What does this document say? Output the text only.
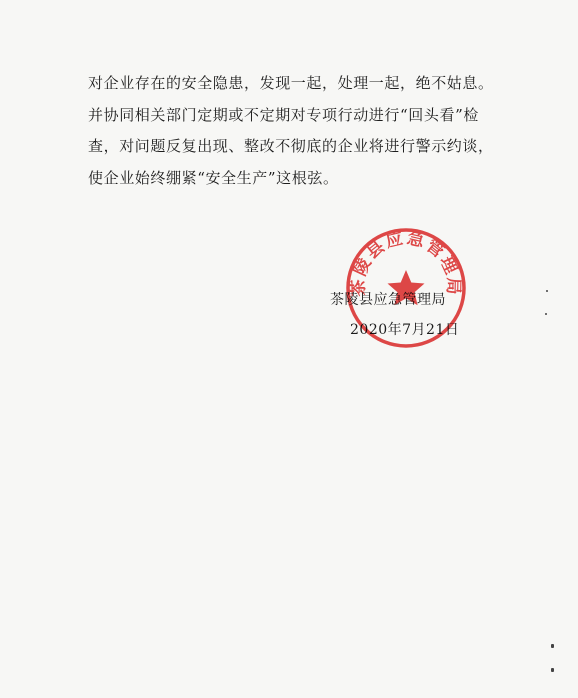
对企业存在的安全隐患，发现一起，处理一起，绝不姑息。
并协同相关部门定期或不定期对专项行动进行“回头看”检
查，对问题反复出现、整改不彻底的企业将进行警示约谈，
使企业始终绷紧“安全生产”这根弦。
茶陵县应急管理局
2020年7月21日
茶陵县应急管理局
